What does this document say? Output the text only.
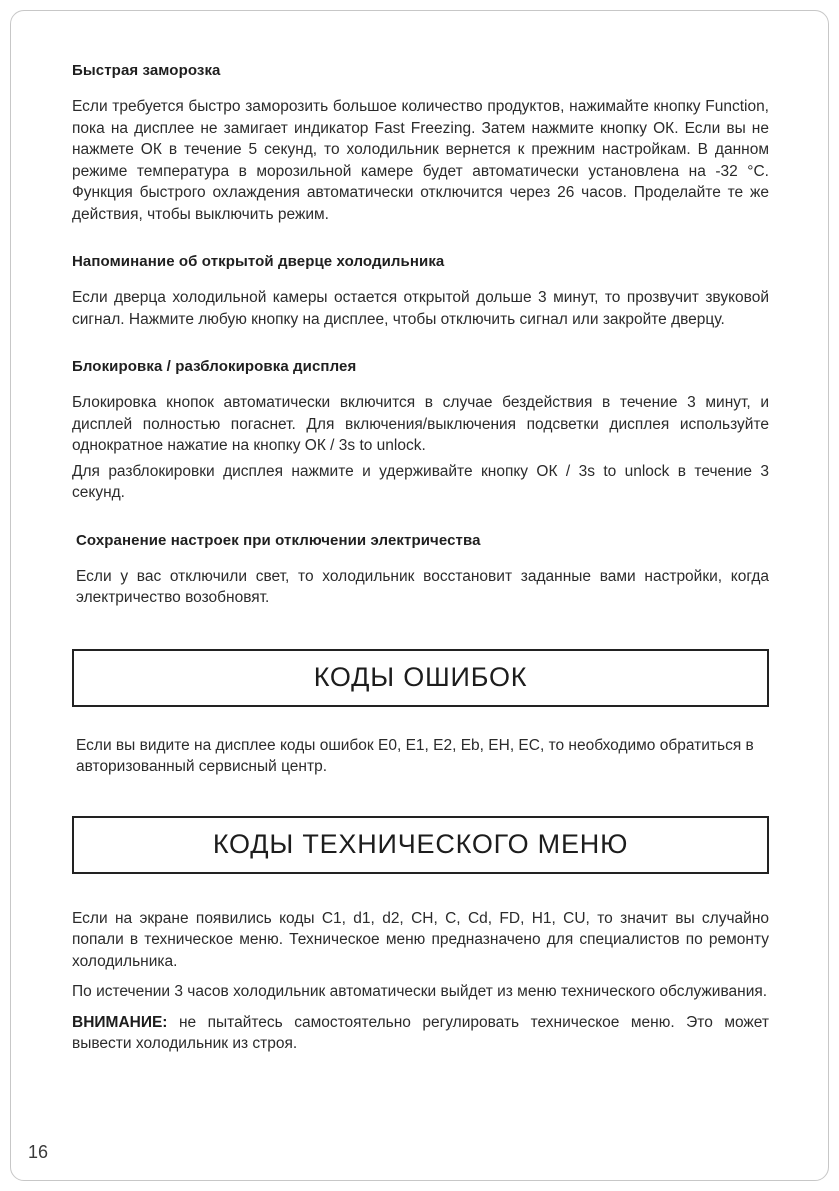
Быстрая заморозка

Если требуется быстро заморозить большое количество продуктов, нажимайте кнопку Function, пока на дисплее не замигает индикатор Fast Freezing. Затем нажмите кнопку ОК. Если вы не нажмете ОК в течение 5 секунд, то холодильник вернется к прежним настройкам. В данном режиме температура в морозильной камере будет автоматически установлена на -32 °C. Функция быстрого охлаждения автоматически отключится через 26 часов. Проделайте те же действия, чтобы выключить режим.

Напоминание об открытой дверце холодильника

Если дверца холодильной камеры остается открытой дольше 3 минут, то прозвучит звуковой сигнал. Нажмите любую кнопку на дисплее, чтобы отключить сигнал или закройте дверцу.

Блокировка / разблокировка дисплея

Блокировка кнопок автоматически включится в случае бездействия в течение 3 минут, и дисплей полностью погаснет. Для включения/выключения подсветки дисплея используйте однократное нажатие на кнопку ОК / 3s to unlock.

Для разблокировки дисплея нажмите и удерживайте кнопку ОК / 3s to unlock в течение 3 секунд.

Сохранение настроек при отключении электричества

Если у вас отключили свет, то холодильник восстановит заданные вами настройки, когда электричество возобновят.

КОДЫ ОШИБОК

Если вы видите на дисплее коды ошибок E0, E1, E2, Eb, EH, EC, то необходимо обратиться в авторизованный сервисный центр.

КОДЫ ТЕХНИЧЕСКОГО МЕНЮ

Если на экране появились коды C1, d1, d2, CH, C, Cd, FD, H1, CU, то значит вы случайно попали в техническое меню. Техническое меню предназначено для специалистов по ремонту холодильника.

По истечении 3 часов холодильник автоматически выйдет из меню технического обслуживания.

ВНИМАНИЕ: не пытайтесь самостоятельно регулировать техническое меню. Это может вывести холодильник из строя.

16
